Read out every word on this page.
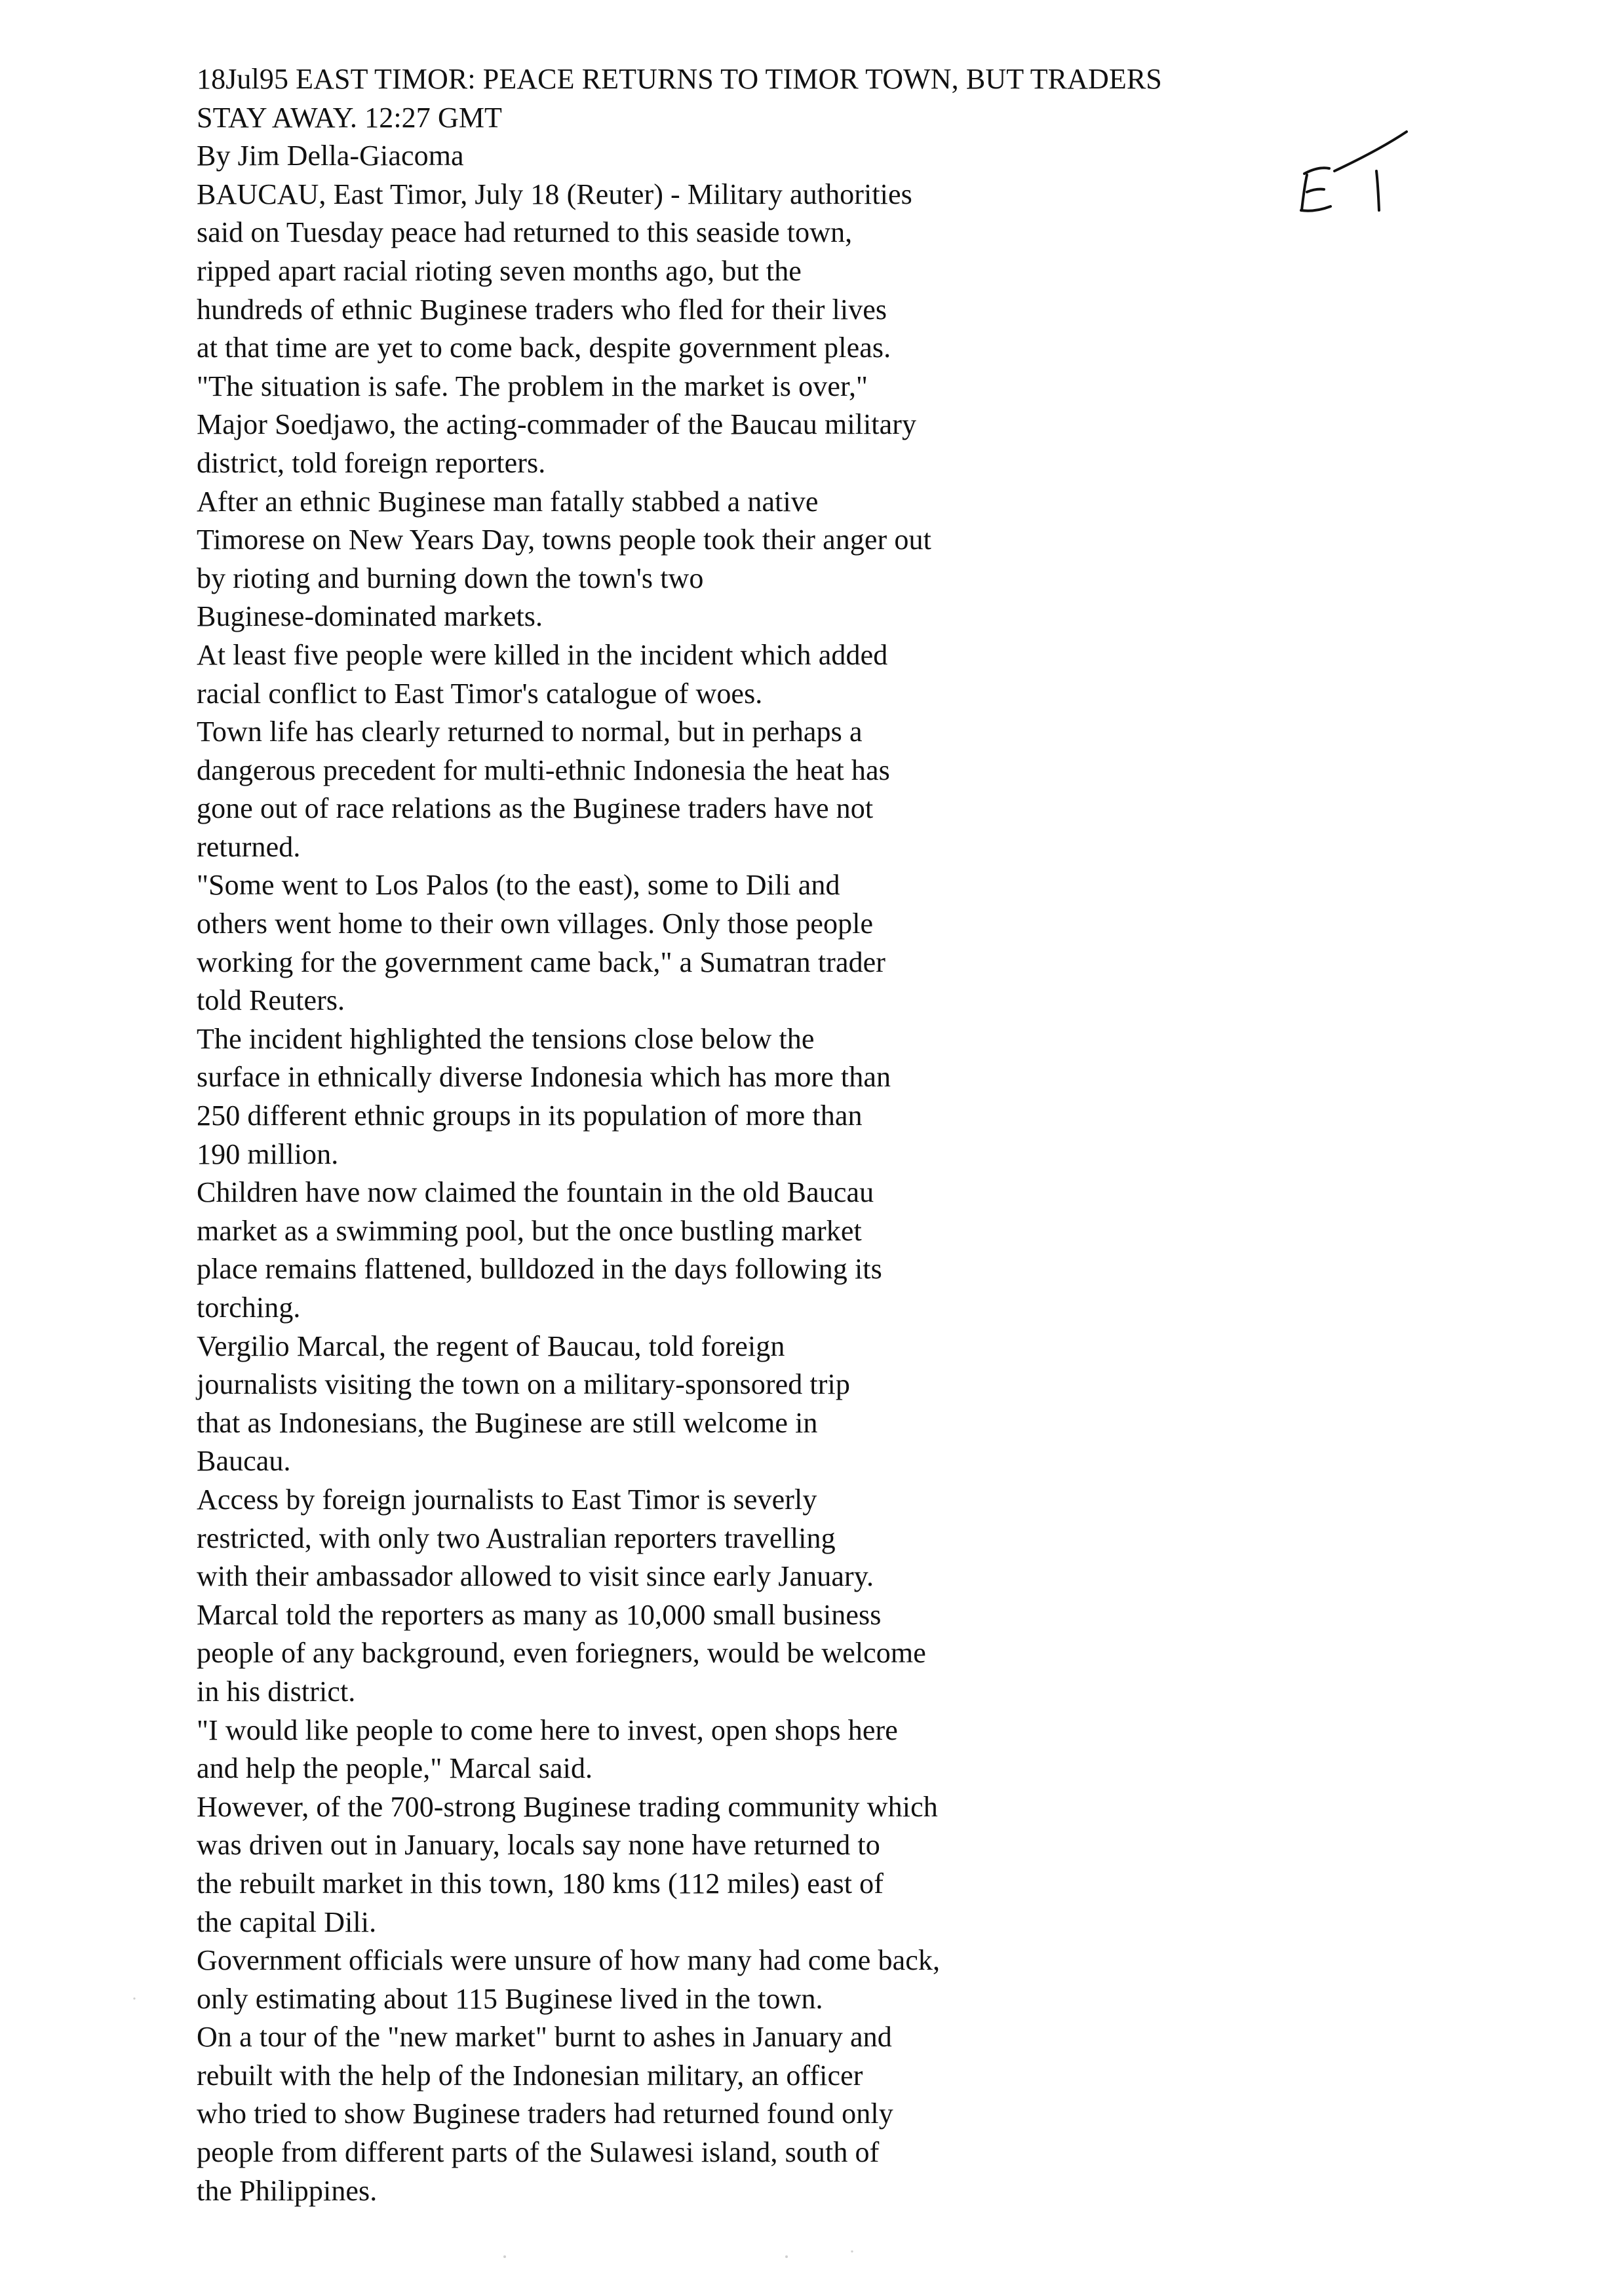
18Jul95 EAST TIMOR: PEACE RETURNS TO TIMOR TOWN, BUT TRADERS
STAY AWAY. 12:27 GMT
By Jim Della-Giacoma
BAUCAU, East Timor, July 18 (Reuter) - Military authorities
said on Tuesday peace had returned to this seaside town,
ripped apart racial rioting seven months ago, but the
hundreds of ethnic Buginese traders who fled for their lives
at that time are yet to come back, despite government pleas.
"The situation is safe. The problem in the market is over,"
Major Soedjawo, the acting-commader of the Baucau military
district, told foreign reporters.
After an ethnic Buginese man fatally stabbed a native
Timorese on New Years Day, towns people took their anger out
by rioting and burning down the town's two
Buginese-dominated markets.
At least five people were killed in the incident which added
racial conflict to East Timor's catalogue of woes.
Town life has clearly returned to normal, but in perhaps a
dangerous precedent for multi-ethnic Indonesia the heat has
gone out of race relations as the Buginese traders have not
returned.
"Some went to Los Palos (to the east), some to Dili and
others went home to their own villages. Only those people
working for the government came back," a Sumatran trader
told Reuters.
The incident highlighted the tensions close below the
surface in ethnically diverse Indonesia which has more than
250 different ethnic groups in its population of more than
190 million.
Children have now claimed the fountain in the old Baucau
market as a swimming pool, but the once bustling market
place remains flattened, bulldozed in the days following its
torching.
Vergilio Marcal, the regent of Baucau, told foreign
journalists visiting the town on a military-sponsored trip
that as Indonesians, the Buginese are still welcome in
Baucau.
Access by foreign journalists to East Timor is severly
restricted, with only two Australian reporters travelling
with their ambassador allowed to visit since early January.
Marcal told the reporters as many as 10,000 small business
people of any background, even foriegners, would be welcome
in his district.
"I would like people to come here to invest, open shops here
and help the people," Marcal said.
However, of the 700-strong Buginese trading community which
was driven out in January, locals say none have returned to
the rebuilt market in this town, 180 kms (112 miles) east of
the capital Dili.
Government officials were unsure of how many had come back,
only estimating about 115 Buginese lived in the town.
On a tour of the "new market" burnt to ashes in January and
rebuilt with the help of the Indonesian military, an officer
who tried to show Buginese traders had returned found only
people from different parts of the Sulawesi island, south of
the Philippines.
